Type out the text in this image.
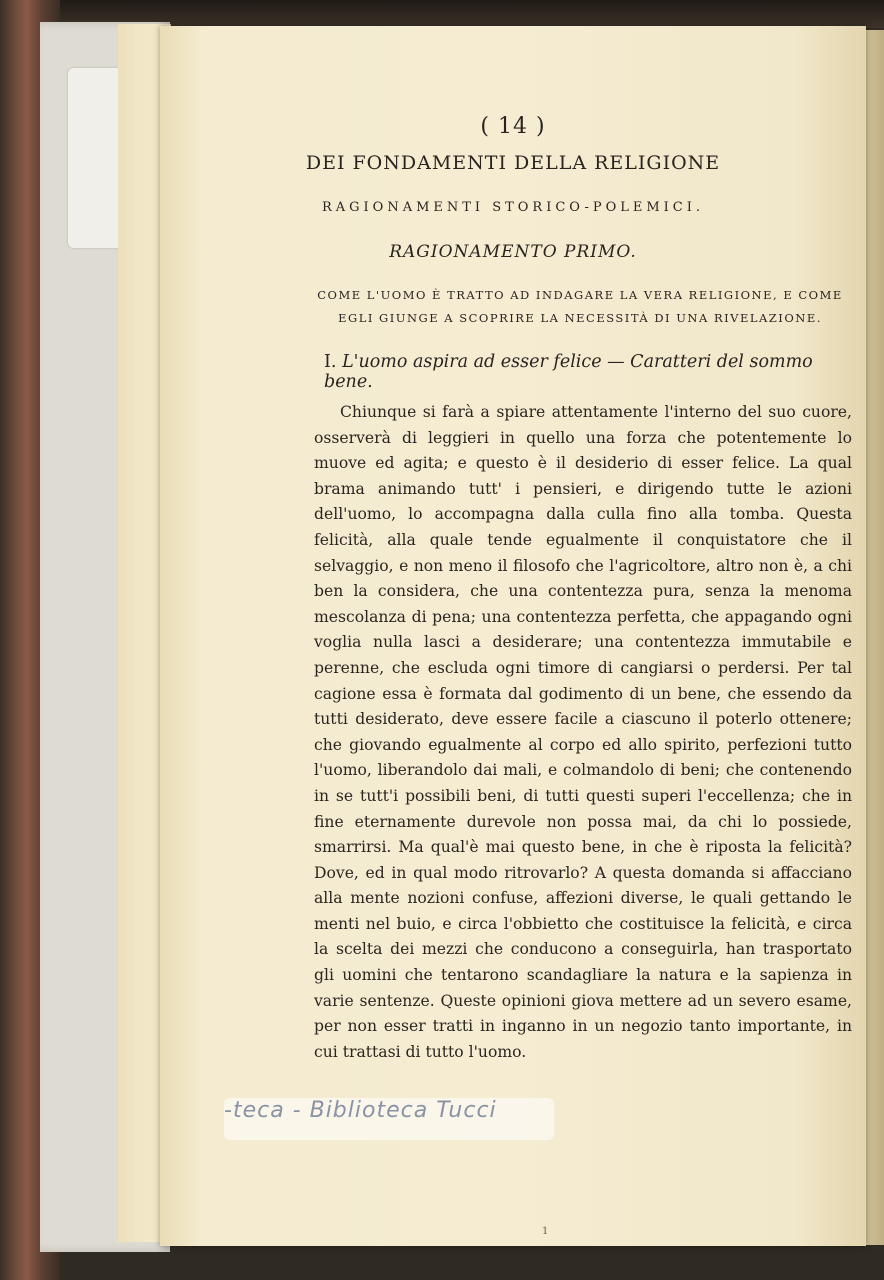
( 14 )
DEI FONDAMENTI DELLA RELIGIONE
RAGIONAMENTI STORICO-POLEMICI.
RAGIONAMENTO PRIMO.
COME L'UOMO È TRATTO AD INDAGARE LA VERA RELIGIONE, E COME EGLI GIUNGE A SCOPRIRE LA NECESSITÀ DI UNA RIVELAZIONE.
I. L'uomo aspira ad esser felice — Caratteri del sommo bene.

Chiunque si farà a spiare attentamente l'interno del suo cuore, osserverà di leggieri in quello una forza che potentemente lo muove ed agita; e questo è il desiderio di esser felice. La qual brama animando tutt' i pensieri, e dirigendo tutte le azioni dell'uomo, lo accompagna dalla culla fino alla tomba. Questa felicità, alla quale tende egualmente il conquistatore che il selvaggio, e non meno il filosofo che l'agricoltore, altro non è, a chi ben la considera, che una contentezza pura, senza la menoma mescolanza di pena; una contentezza perfetta, che appagando ogni voglia nulla lasci a desiderare; una contentezza immutabile e perenne, che escluda ogni timore di cangiarsi o perdersi. Per tal cagione essa è formata dal godimento di un bene, che essendo da tutti desiderato, deve essere facile a ciascuno il poterlo ottenere; che giovando egualmente al corpo ed allo spirito, perfezioni tutto l'uomo, liberandolo dai mali, e colmandolo di beni; che contenendo in se tutt'i possibili beni, di tutti questi superi l'eccellenza; che in fine eternamente durevole non possa mai, da chi lo possiede, smarrirsi. Ma qual'è mai questo bene, in che è riposta la felicità? Dove, ed in qual modo ritrovarlo? A questa domanda si affacciano alla mente nozioni confuse, affezioni diverse, le quali gettando le menti nel buio, e circa l'obbietto che costituisce la felicità, e circa la scelta dei mezzi che conducono a conseguirla, han trasportato gli uomini che tentarono scandagliare la natura e la sapienza in varie sentenze. Queste opinioni giova mettere ad un severo esame, per non esser tratti in inganno in un negozio tanto importante, in cui trattasi di tutto l'uomo.

1
-teca - Biblioteca Tucci
